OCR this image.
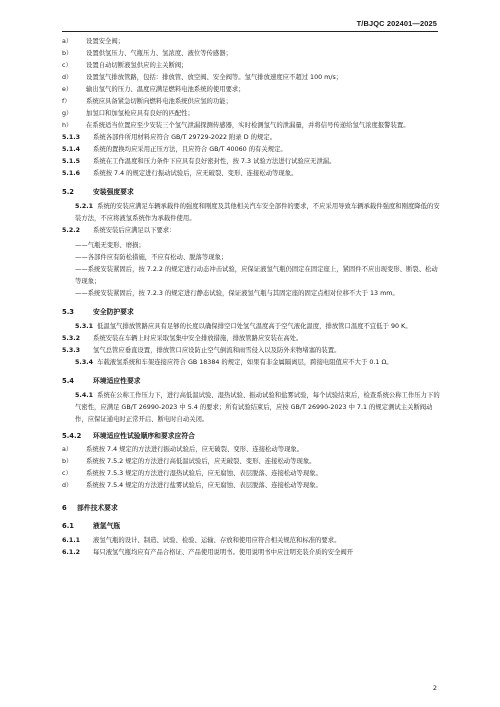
T/BJQC 202401—2025
a）	设置安全阀；
b）	设置供氢压力、气瓶压力、氢浓度、液位等传感器；
c）	设置自动切断液氢供应的主关断阀；
d）	设置氢气排放管路，包括：排放管、放空阀、安全阀等。氢气排放速度应不超过 100 m/s；
e）	输出氢气的压力、温度应满足燃料电池系统的使用要求；
f）	系统应具备紧急切断向燃料电池系统供应氢的功能；
g）	加氢口和加氢枪应具有良好的匹配性；
h）	在系统适当位置应至少安装三个氢气泄漏探测传感器，实时检测氢气的泄漏量，并将信号传递给氢气浓度报警装置。
5.1.3	系统各部件所用材料应符合 GB/T 29729-2022 附录 D 的规定。
5.1.4	系统的置换均应采用正压方法，且应符合 GB/T 40060 的有关规定。
5.1.5	系统在工作温度和压力条件下应具有良好密封性，按 7.3 试验方法进行试验应无泄漏。
5.1.6	系统按 7.4 的规定进行振动试验后，应无破裂、变形、连接松动等现象。
5.2	安装强度要求
5.2.1 系统的安装应满足车辆承载件的强度和刚度及其他相关汽车安全部件的要求，不应采用导致车辆承载件强度和刚度降低的安装方法，不应将液氢系统作为承载件使用。
5.2.2	系统安装后应满足以下要求：
——气瓶无变形、磨损；
——各部件应有防松措施，不应有松动、脱落等现象；
——系统安装紧固后，按 7.2.2 的规定进行动态冲击试验，应保证液氢气瓶仍固定在固定座上，紧固件不应出现变形、断裂、松动等现象；
——系统安装紧固后，按 7.2.3 的规定进行静态试验，保证液氢气瓶与其固定座的固定点相对位移不大于 13 mm。
5.3	安全防护要求
5.3.1 低温氢气排放管路应具有足够的长度以确保排空口处氢气温度高于空气液化温度，排放管口温度不宜低于 90 K。
5.3.2	系统安装在车辆上时应采取氢集中安全排放措施，排放管路应安装在高处。
5.3.3	氢气总管应垂直设置，排放管口应设防止空气倒流和雨雪侵入以及防外来物堵塞的装置。
5.3.4 车载液氢系统和车架连接应符合 GB 18384 的规定，如果有非金属隔离层，跨接电阻值应不大于 0.1 Ω。
5.4	环境适应性要求
5.4.1 系统在公称工作压力下，进行高低温试验、湿热试验、振动试验和盐雾试验，每个试验结束后，检查系统公称工作压力下的气密性，应满足 GB/T 26990-2023 中 5.4 的要求；所有试验结束后，应按 GB/T 26990-2023 中 7.1 的规定测试主关断阀动作，应保证通电时正常开启、断电时自动关闭。
5.4.2	环境适应性试验顺序和要求应符合
a）	系统按 7.4 规定的方法进行振动试验后，应无破裂、变形、连接松动等现象。
b）	系统按 7.5.2 规定的方法进行高低温试验后，应无破裂、变形、连接松动等现象。
c）	系统按 7.5.3 规定的方法进行湿热试验后，应无腐蚀、表层脱落、连接松动等现象。
d）	系统按 7.5.4 规定的方法进行盐雾试验后，应无腐蚀、表层脱落、连接松动等现象。
6	部件技术要求
6.1	液氢气瓶
6.1.1	液氢气瓶的设计、制造、试验、检验、运输、存放和使用应符合相关规范和标准的要求。
6.1.2	每只液氢气瓶均应有产品合格证、产品使用说明书。使用说明书中应注明充装介质的安全阀开
2
